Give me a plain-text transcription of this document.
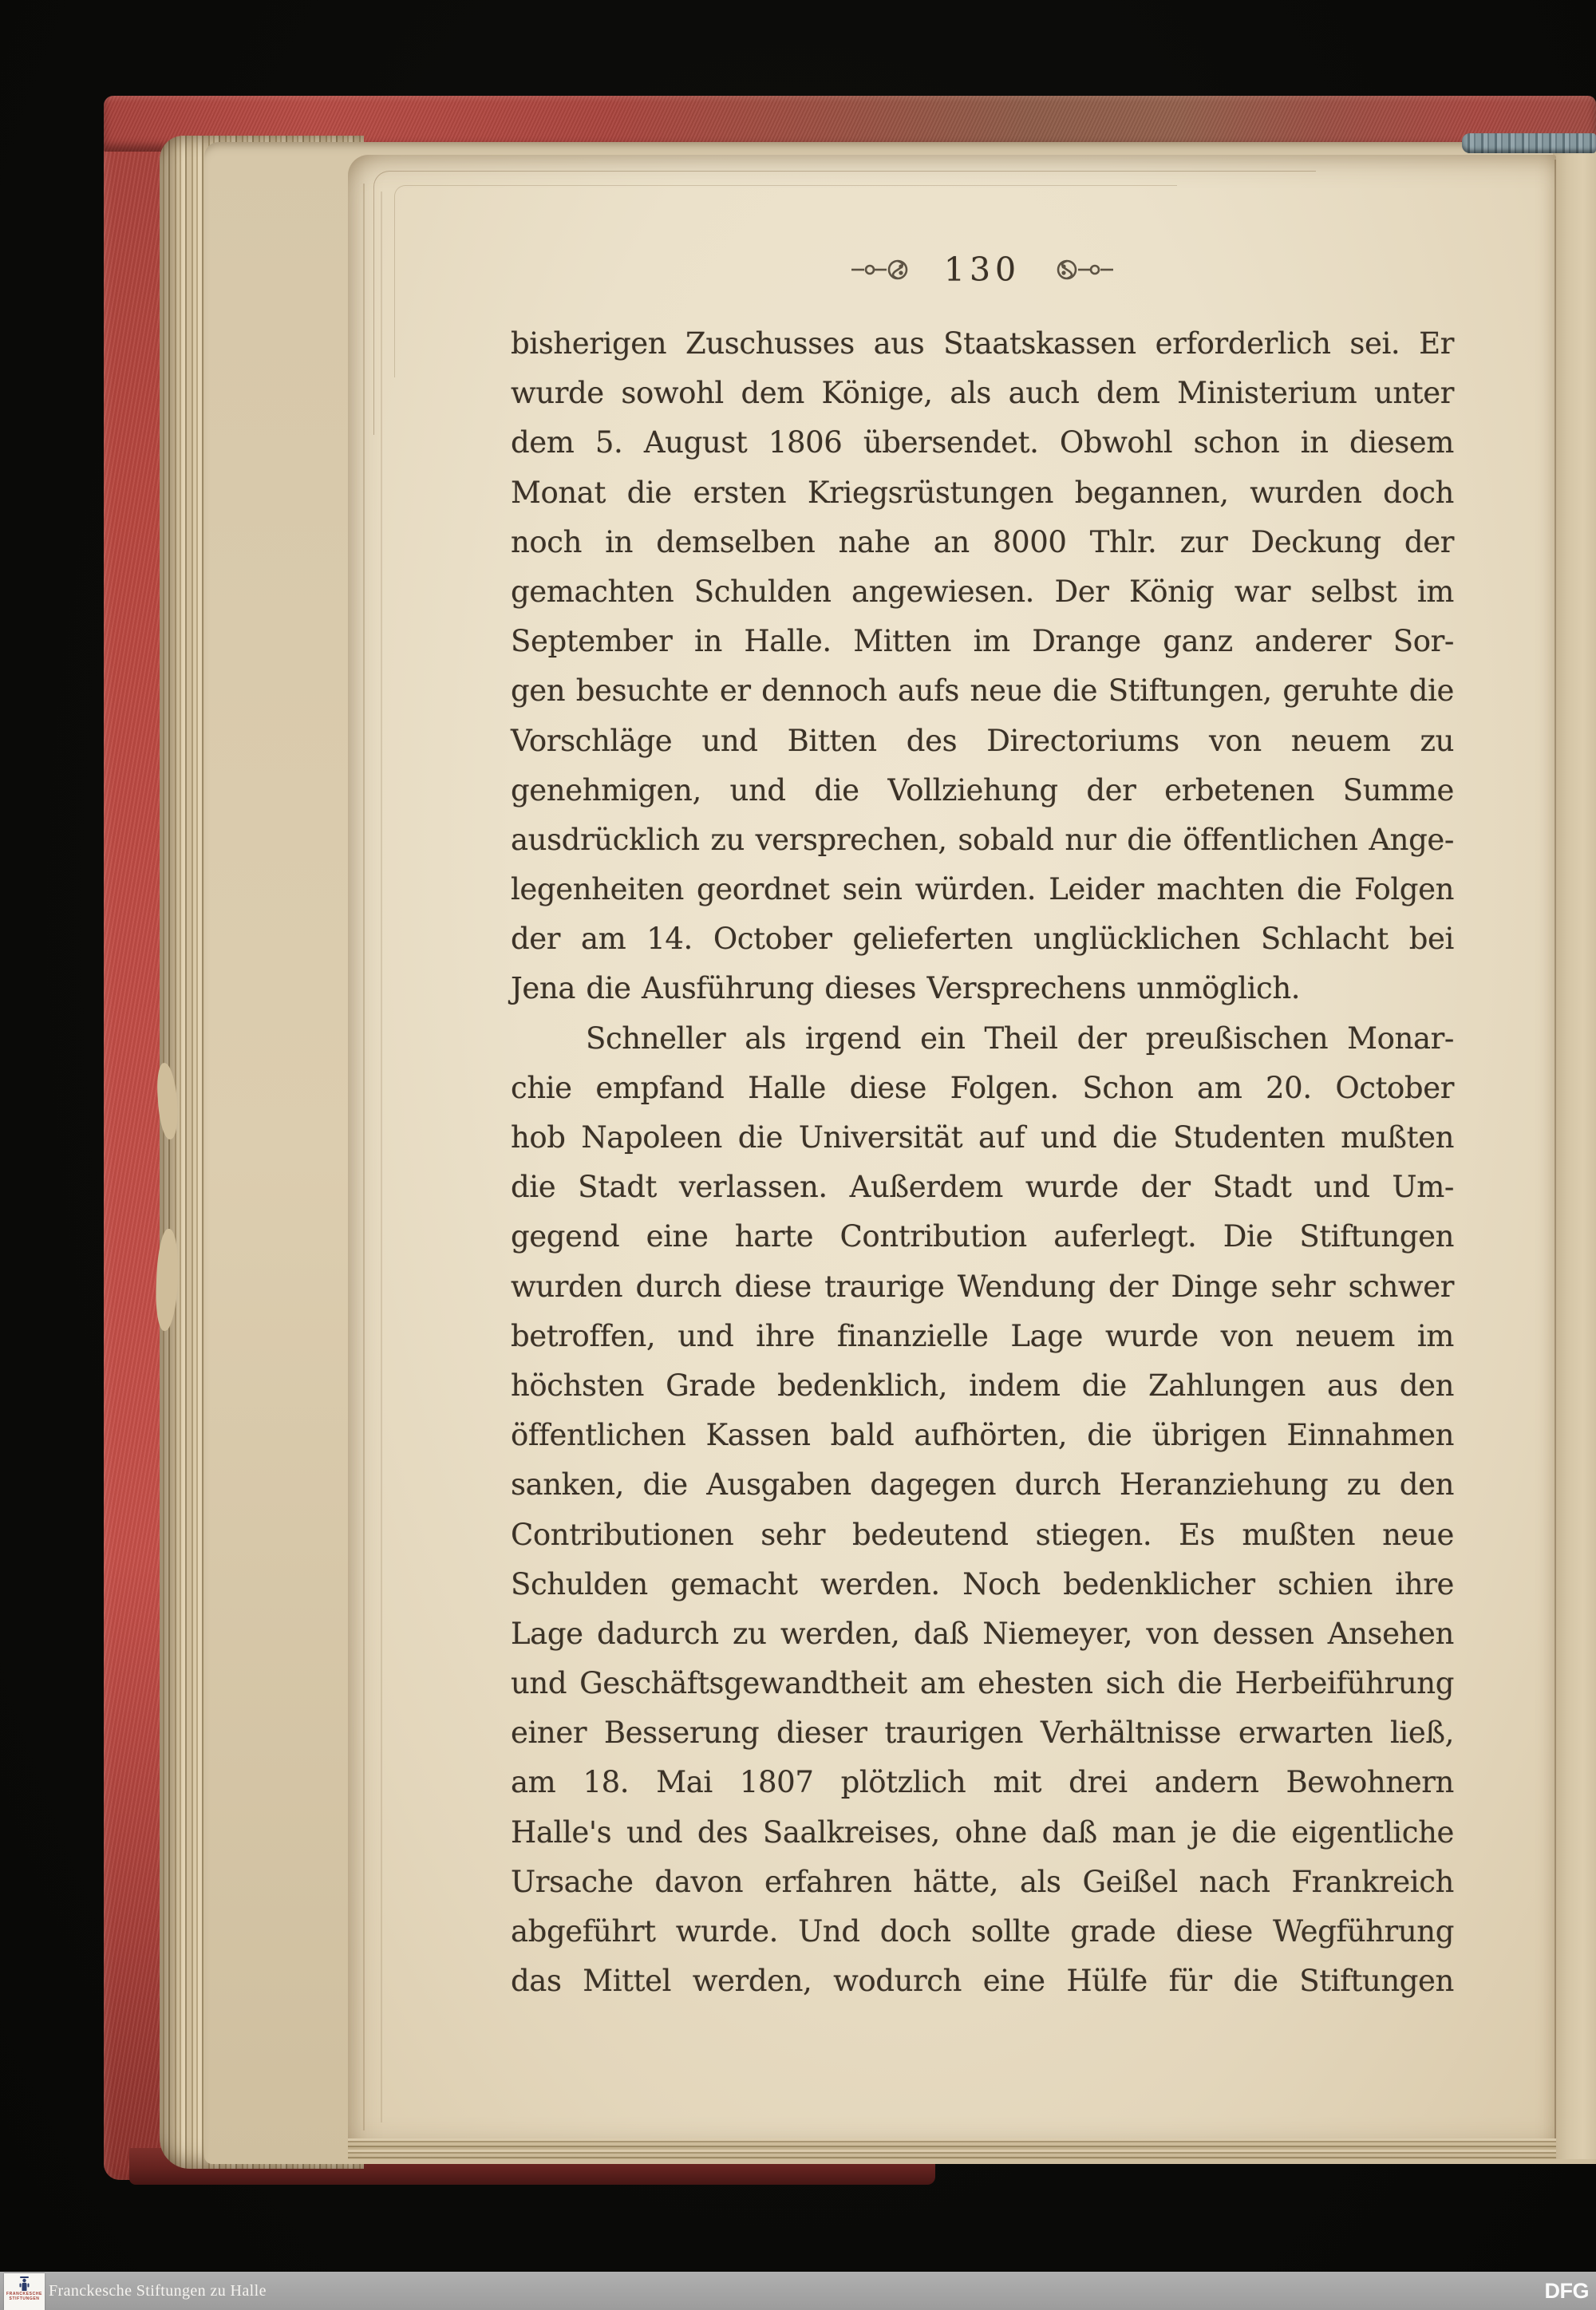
130
bisherigen Zuschusses aus Staatskassen erforderlich sei. Er
wurde sowohl dem Könige, als auch dem Ministerium unter
dem 5. August 1806 übersendet. Obwohl schon in diesem
Monat die ersten Kriegsrüstungen begannen, wurden doch
noch in demselben nahe an 8000 Thlr. zur Deckung der
gemachten Schulden angewiesen. Der König war selbst im
September in Halle. Mitten im Drange ganz anderer Sor-
gen besuchte er dennoch aufs neue die Stiftungen, geruhte die
Vorschläge und Bitten des Directoriums von neuem zu
genehmigen, und die Vollziehung der erbetenen Summe
ausdrücklich zu versprechen, sobald nur die öffentlichen Ange-
legenheiten geordnet sein würden. Leider machten die Folgen
der am 14. October gelieferten unglücklichen Schlacht bei
Jena die Ausführung dieses Versprechens unmöglich.
Schneller als irgend ein Theil der preußischen Monar-
chie empfand Halle diese Folgen. Schon am 20. October
hob Napoleen die Universität auf und die Studenten mußten
die Stadt verlassen. Außerdem wurde der Stadt und Um-
gegend eine harte Contribution auferlegt. Die Stiftungen
wurden durch diese traurige Wendung der Dinge sehr schwer
betroffen, und ihre finanzielle Lage wurde von neuem im
höchsten Grade bedenklich, indem die Zahlungen aus den
öffentlichen Kassen bald aufhörten, die übrigen Einnahmen
sanken, die Ausgaben dagegen durch Heranziehung zu den
Contributionen sehr bedeutend stiegen. Es mußten neue
Schulden gemacht werden. Noch bedenklicher schien ihre
Lage dadurch zu werden, daß Niemeyer, von dessen Ansehen
und Geschäftsgewandtheit am ehesten sich die Herbeiführung
einer Besserung dieser traurigen Verhältnisse erwarten ließ,
am 18. Mai 1807 plötzlich mit drei andern Bewohnern
Halle's und des Saalkreises, ohne daß man je die eigentliche
Ursache davon erfahren hätte, als Geißel nach Frankreich
abgeführt wurde. Und doch sollte grade diese Wegführung
das Mittel werden, wodurch eine Hülfe für die Stiftungen
FRANCKESCHE
STIFTUNGEN Franckesche Stiftungen zu Halle	DFG
